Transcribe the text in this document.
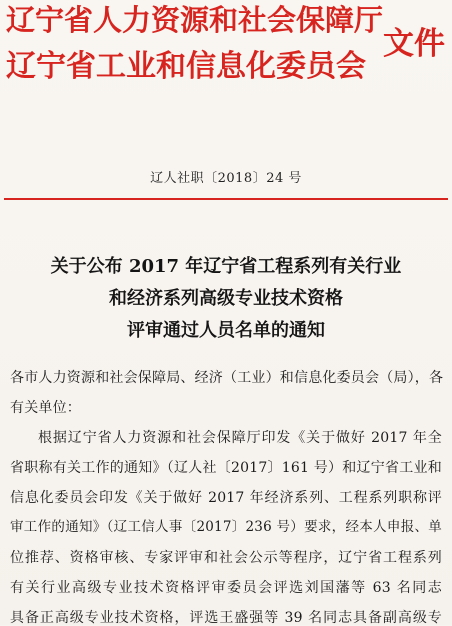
辽宁省人力资源和社会保障厅
辽宁省工业和信息化委员会
文件
辽人社职〔2018〕24 号
关于公布 2017 年辽宁省工程系列有关行业
和经济系列高级专业技术资格
评审通过人员名单的通知
各市人力资源和社会保障局、经济（工业）和信息化委员会（局），各
有关单位：
根据辽宁省人力资源和社会保障厅印发《关于做好 2017 年全
省职称有关工作的通知》（辽人社〔2017〕161 号）和辽宁省工业和
信息化委员会印发《关于做好 2017 年经济系列、工程系列职称评
审工作的通知》（辽工信人事〔2017〕236 号）要求，经本人申报、单
位推荐、资格审核、专家评审和社会公示等程序，辽宁省工程系列
有关行业高级专业技术资格评审委员会评选刘国藩等 63 名同志
具备正高级专业技术资格，评选王盛强等 39 名同志具备副高级专
